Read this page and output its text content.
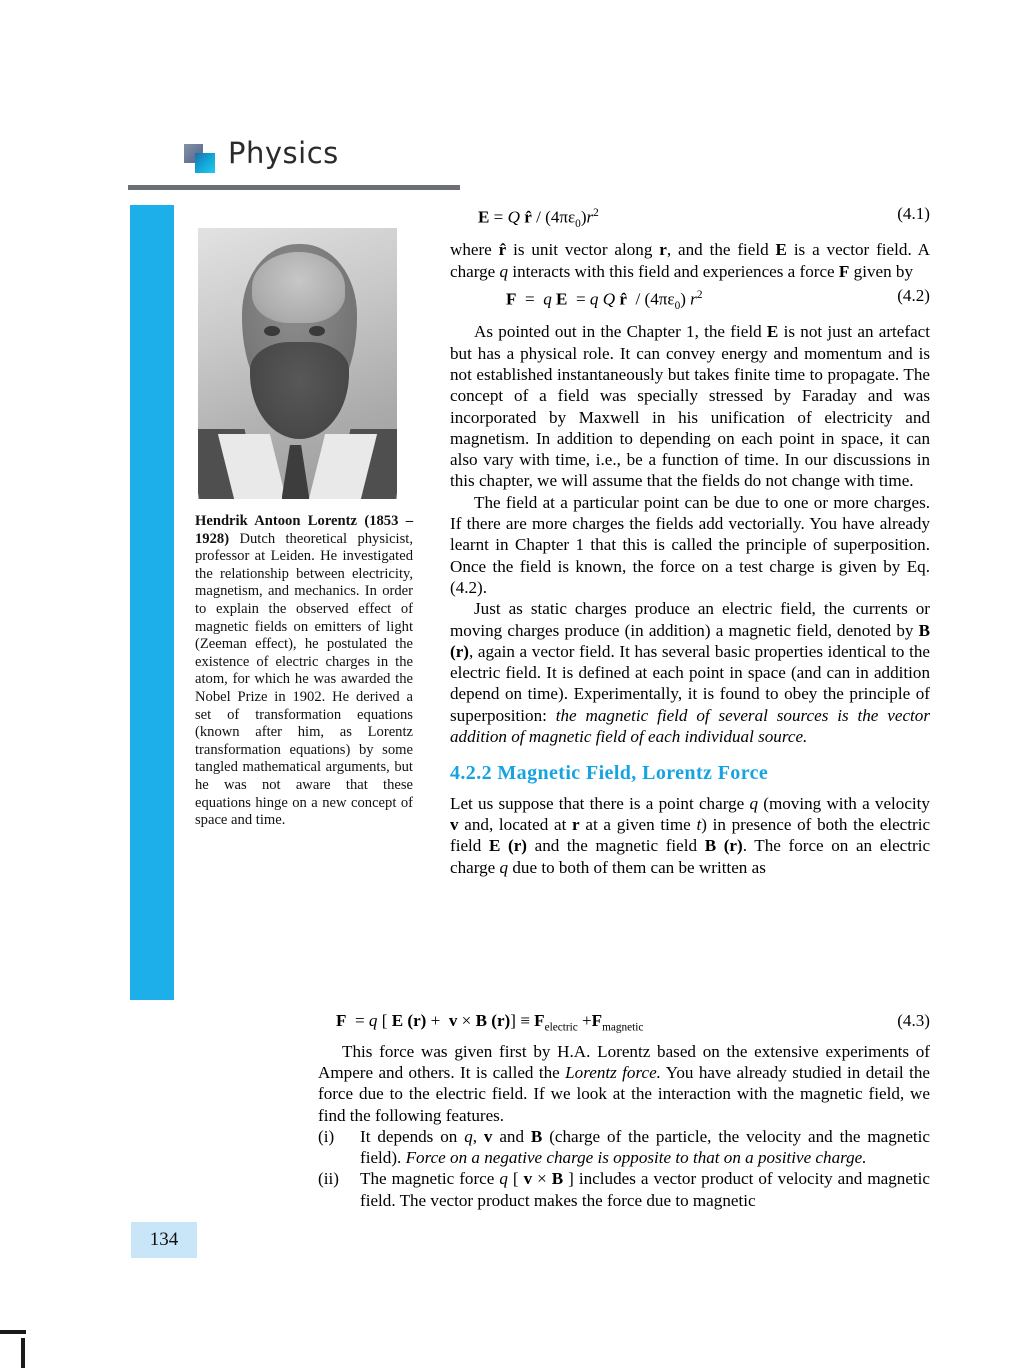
Physics
HENDRIK ANTOON LORENTZ (1853 – 1928)
Hendrik Antoon Lorentz (1853 – 1928) Dutch theoretical physicist, professor at Leiden. He investigated the relationship between electricity, magnetism, and mechanics. In order to explain the observed effect of magnetic fields on emitters of light (Zeeman effect), he postulated the existence of electric charges in the atom, for which he was awarded the Nobel Prize in 1902. He derived a set of transformation equations (known after him, as Lorentz transformation equations) by some tangled mathematical arguments, but he was not aware that these equations hinge on a new concept of space and time.
134
E = Q r̂ / $(4\pi\varepsilon_0)r^2$	(4.1)

where r̂ is unit vector along r, and the field E is a vector field. A charge q interacts with this field and experiences a force F given by

F  =  q E  = q Q r̂  / $(4\pi\varepsilon_0)$ $r^2$	(4.2)

As pointed out in the Chapter 1, the field E is not just an artefact but has a physical role. It can convey energy and momentum and is not established instantaneously but takes finite time to propagate. The concept of a field was specially stressed by Faraday and was incorporated by Maxwell in his unification of electricity and magnetism. In addition to depending on each point in space, it can also vary with time, i.e., be a function of time. In our discussions in this chapter, we will assume that the fields do not change with time.

The field at a particular point can be due to one or more charges. If there are more charges the fields add vectorially. You have already learnt in Chapter 1 that this is called the principle of superposition. Once the field is known, the force on a test charge is given by Eq. (4.2).

Just as static charges produce an electric field, the currents or moving charges produce (in addition) a magnetic field, denoted by B (r), again a vector field. It has several basic properties identical to the electric field. It is defined at each point in space (and can in addition depend on time). Experimentally, it is found to obey the principle of superposition: the magnetic field of several sources is the vector addition of magnetic field of each individual source.

4.2.2 Magnetic Field, Lorentz Force

Let us suppose that there is a point charge q (moving with a velocity v and, located at r at a given time t) in presence of both the electric field E (r) and the magnetic field B (r). The force on an electric charge q due to both of them can be written as

F  = q [ E (r) +  v × B $(r)] \equiv F_{electric} +F_{magnetic}$	(4.3)

This force was given first by H.A. Lorentz based on the extensive experiments of Ampere and others. It is called the Lorentz force. You have already studied in detail the force due to the electric field. If we look at the interaction with the magnetic field, we find the following features.

(i)	It depends on q, v and B (charge of the particle, the velocity and the magnetic field). Force on a negative charge is opposite to that on a positive charge.
(ii)	The magnetic force q [ v × B ] includes a vector product of velocity and magnetic field. The vector product makes the force due to magnetic
